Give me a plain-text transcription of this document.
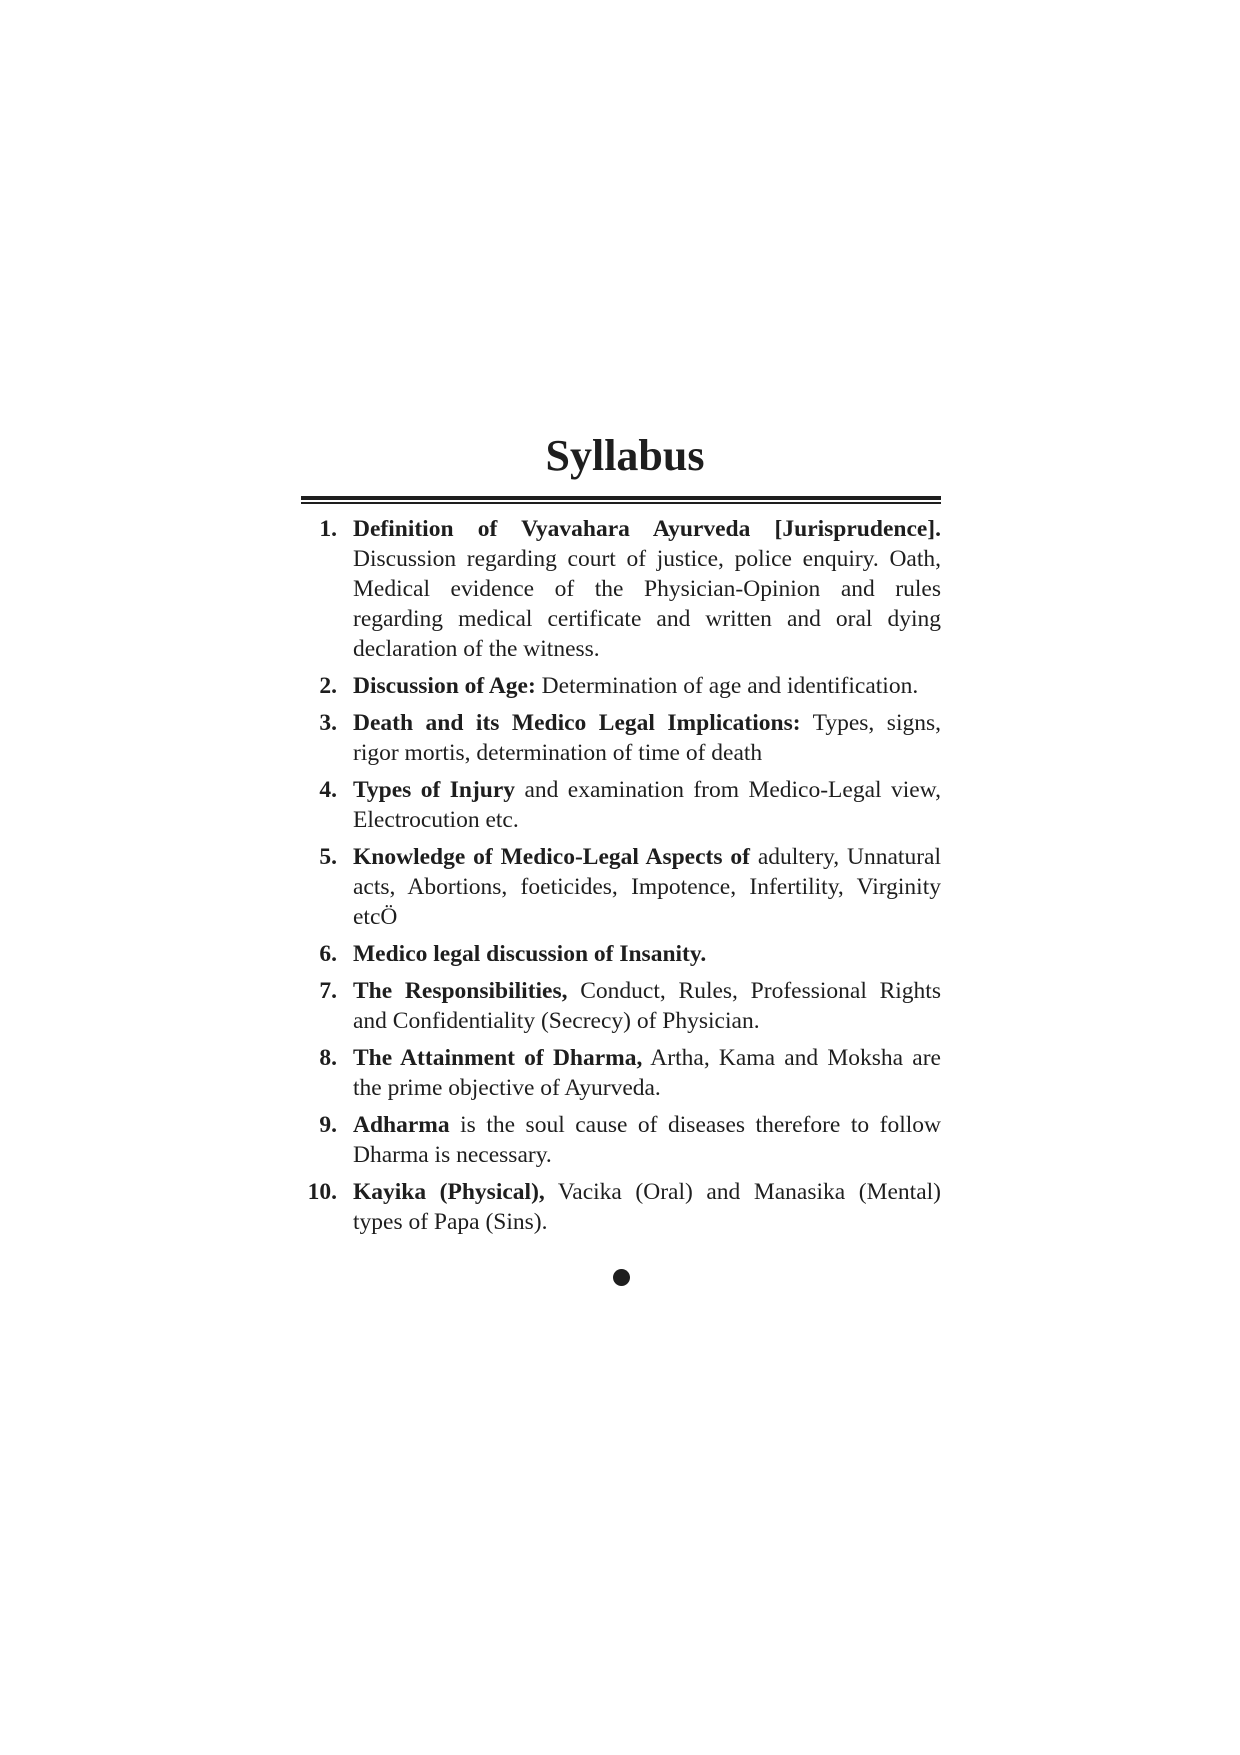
Syllabus
1. Definition of Vyavahara Ayurveda [Jurisprudence]. Discussion regarding court of justice, police enquiry. Oath, Medical evidence of the Physician-Opinion and rules regarding medical certificate and written and oral dying declaration of the witness.
2. Discussion of Age: Determination of age and identification.
3. Death and its Medico Legal Implications: Types, signs, rigor mortis, determination of time of death
4. Types of Injury and examination from Medico-Legal view, Electrocution etc.
5. Knowledge of Medico-Legal Aspects of adultery, Unnatural acts, Abortions, foeticides, Impotence, Infertility, Virginity etcÖ
6. Medico legal discussion of Insanity.
7. The Responsibilities, Conduct, Rules, Professional Rights and Confidentiality (Secrecy) of Physician.
8. The Attainment of Dharma, Artha, Kama and Moksha are the prime objective of Ayurveda.
9. Adharma is the soul cause of diseases therefore to follow Dharma is necessary.
10. Kayika (Physical), Vacika (Oral) and Manasika (Mental) types of Papa (Sins).
